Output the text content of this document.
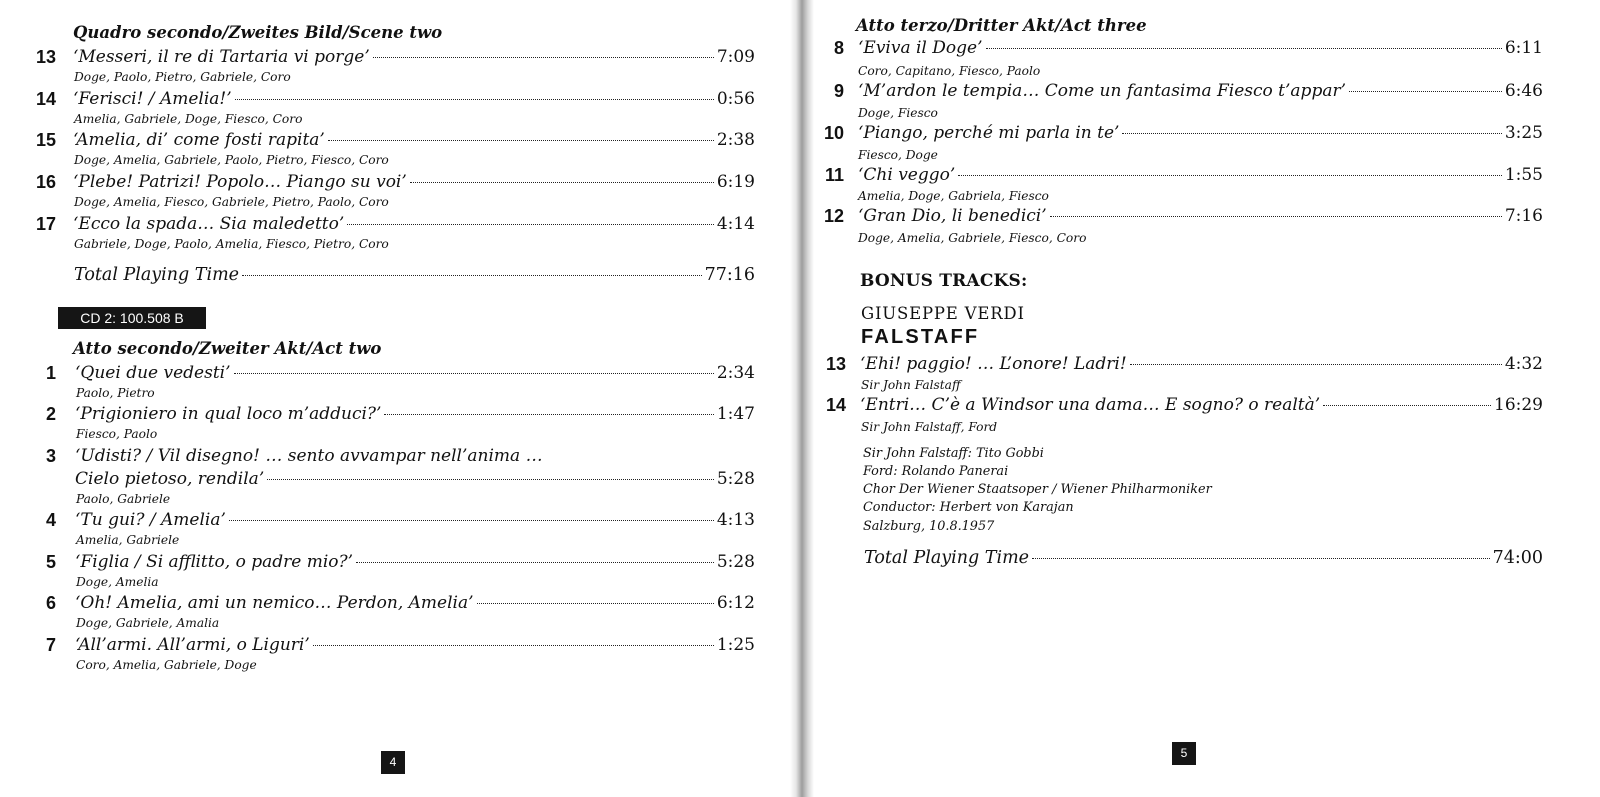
Quadro secondo/Zweites Bild/Scene two
13 ‘Messeri, il re di Tartaria vi porge’	7:09
Doge, Paolo, Pietro, Gabriele, Coro
14 ‘Ferisci! / Amelia!’	0:56
Amelia, Gabriele, Doge, Fiesco, Coro
15 ‘Amelia, di’ come fosti rapita’	2:38
Doge, Amelia, Gabriele, Paolo, Pietro, Fiesco, Coro
16 ‘Plebe! Patrizi! Popolo… Piango su voi’	6:19
Doge, Amelia, Fiesco, Gabriele, Pietro, Paolo, Coro
17 ‘Ecco la spada… Sia maledetto’	4:14
Gabriele, Doge, Paolo, Amelia, Fiesco, Pietro, Coro
Total Playing Time	77:16
CD 2: 100.508 B
Atto secondo/Zweiter Akt/Act two
1 ‘Quei due vedesti’	2:34
Paolo, Pietro
2 ‘Prigioniero in qual loco m’adduci?’	1:47
Fiesco, Paolo
3 ‘Udisti? / Vil disegno! … sento avvampar nell’anima …
Cielo pietoso, rendila’	5:28
Paolo, Gabriele
4 ‘Tu gui? / Amelia’	4:13
Amelia, Gabriele
5 ‘Figlia / Si afflitto, o padre mio?’	5:28
Doge, Amelia
6 ‘Oh! Amelia, ami un nemico… Perdon, Amelia’	6:12
Doge, Gabriele, Amalia
7 ‘All’armi. All’armi, o Liguri’	1:25
Coro, Amelia, Gabriele, Doge
4
Atto terzo/Dritter Akt/Act three
8 ‘Eviva il Doge’	6:11
Coro, Capitano, Fiesco, Paolo
9 ‘M’ardon le tempia… Come un fantasima Fiesco t’appar’	6:46
Doge, Fiesco
10 ‘Piango, perché mi parla in te’	3:25
Fiesco, Doge
11 ‘Chi veggo’	1:55
Amelia, Doge, Gabriela, Fiesco
12 ‘Gran Dio, li benedici’	7:16
Doge, Amelia, Gabriele, Fiesco, Coro
BONUS TRACKS:
GIUSEPPE VERDI
FALSTAFF
13 ‘Ehi! paggio! … L’onore! Ladri!	4:32
Sir John Falstaff
14 ‘Entri… C’è a Windsor una dama… E sogno? o realtà’	16:29
Sir John Falstaff, Ford
Sir John Falstaff: Tito Gobbi
Ford: Rolando Panerai
Chor Der Wiener Staatsoper / Wiener Philharmoniker
Conductor: Herbert von Karajan
Salzburg, 10.8.1957
Total Playing Time	74:00
5
